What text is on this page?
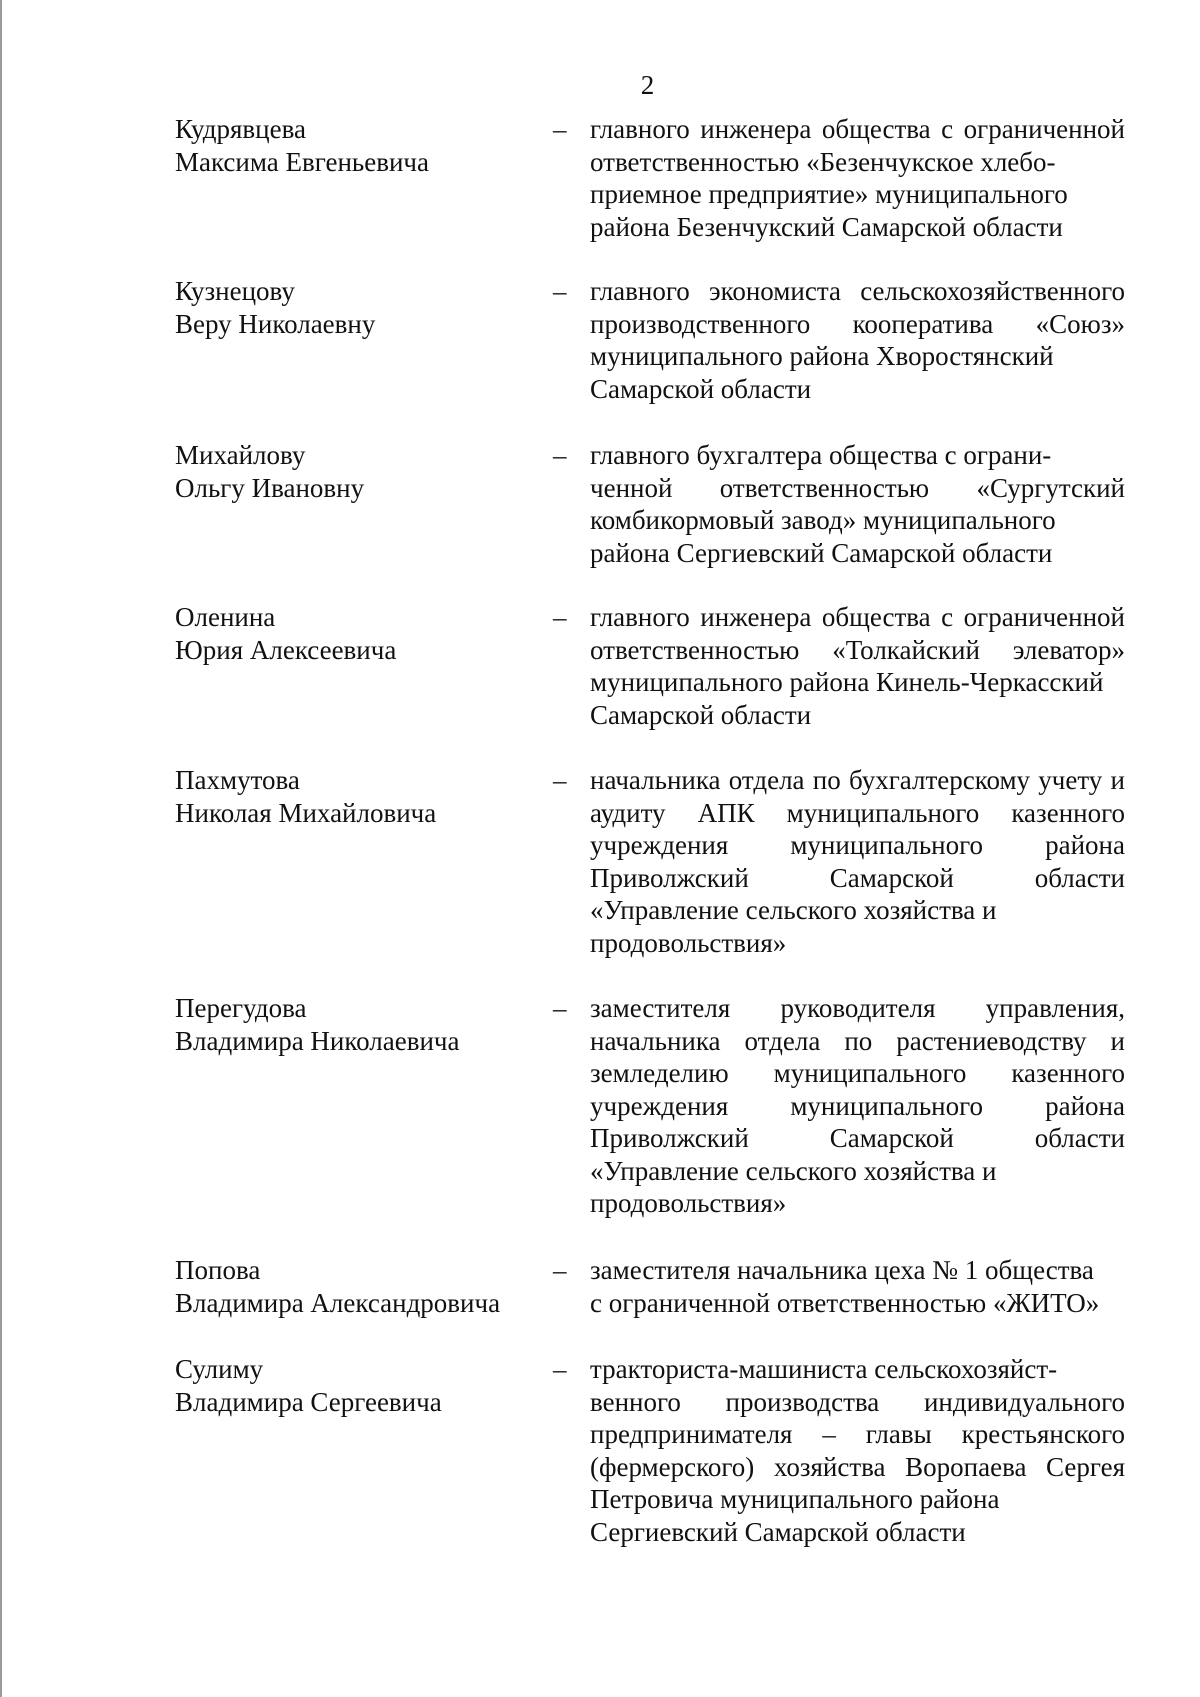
2
Кудрявцева
Максима Евгеньевича
– главного инженера общества с ограниченной ответственностью «Безенчукское хлебо-
приемное предприятие» муниципального
района Безенчукский Самарской области
Кузнецову
Веру Николаевну
– главного экономиста сельскохозяйственного производственного кооператива «Союз» муниципального района Хворостянский
Самарской области
Михайлову
Ольгу Ивановну
– главного бухгалтера общества с ограни-
ченной ответственностью «Сургутский комбикормовый завод» муниципального
района Сергиевский Самарской области
Оленина
Юрия Алексеевича
– главного инженера общества с ограниченной ответственностью «Толкайский элеватор» муниципального района Кинель-Черкасский
Самарской области
Пахмутова
Николая Михайловича
– начальника отдела по бухгалтерскому учету и аудиту АПК муниципального казенного учреждения муниципального района Приволжский Самарской области «Управление сельского хозяйства и
продовольствия»
Перегудова
Владимира Николаевича
– заместителя руководителя управления, начальника отдела по растениеводству и земледелию муниципального казенного учреждения муниципального района Приволжский Самарской области «Управление сельского хозяйства и
продовольствия»
Попова
Владимира Александровича
– заместителя начальника цеха № 1 общества
с ограниченной ответственностью «ЖИТО»
Сулиму
Владимира Сергеевича
– тракториста-машиниста сельскохозяйст-
венного производства индивидуального предпринимателя – главы крестьянского (фермерского) хозяйства Воропаева Сергея Петровича муниципального района
Сергиевский Самарской области
